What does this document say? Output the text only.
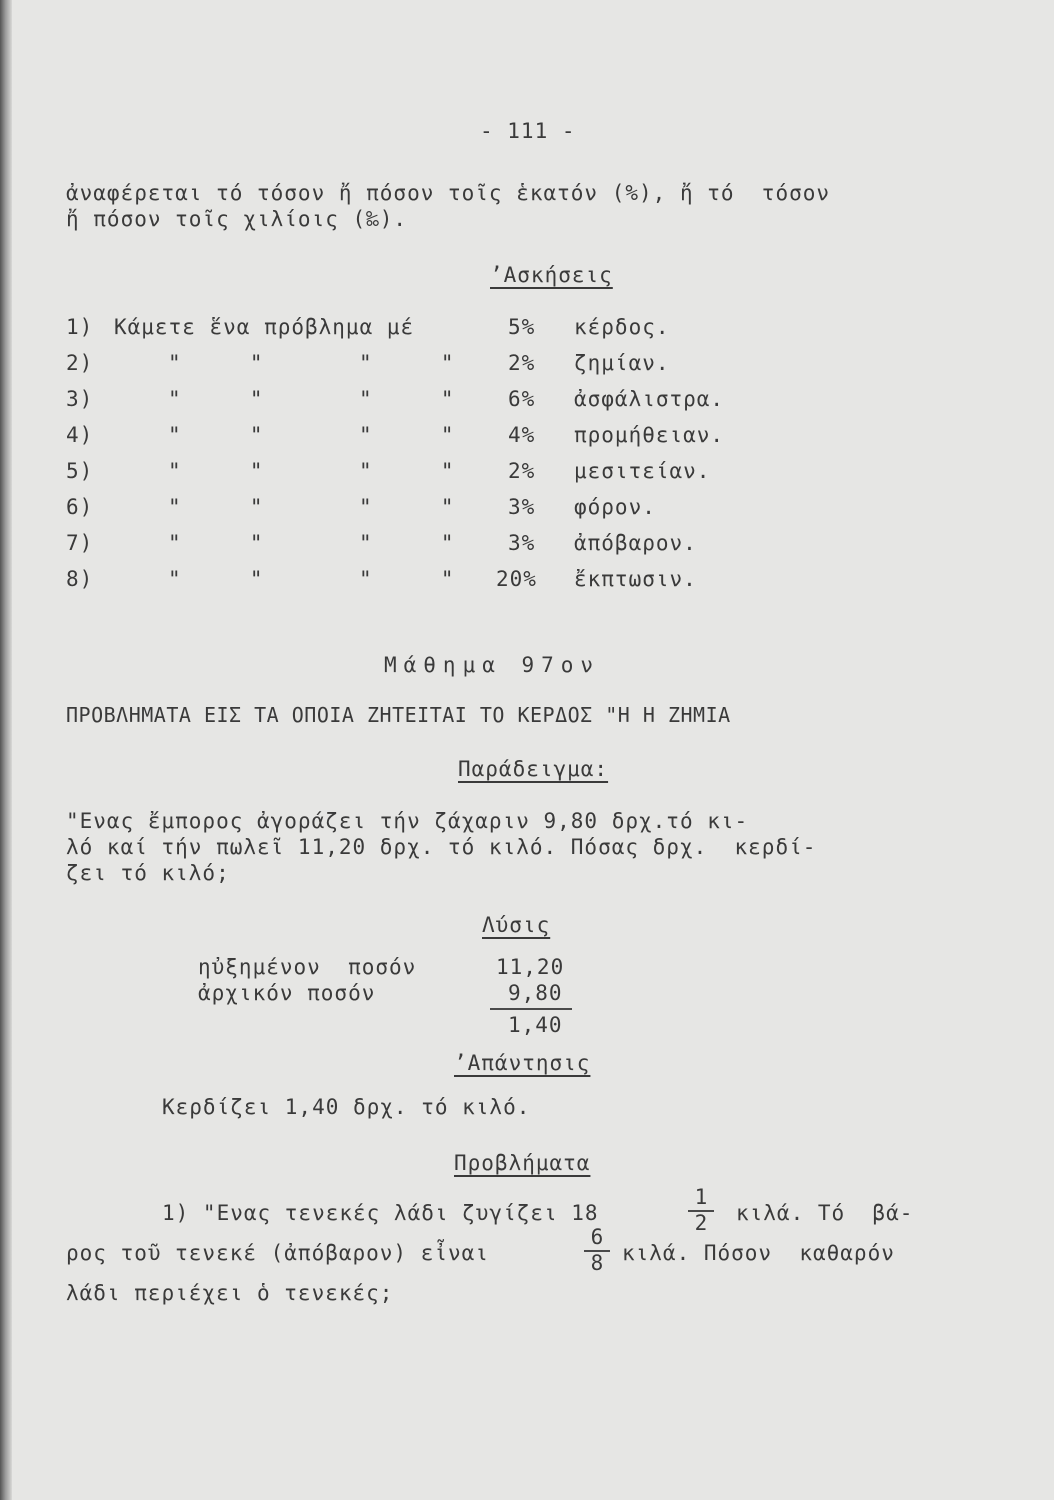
- 111 -
ἀναφέρεται τό τόσον ἤ πόσον τοῖς ἑκατόν (%), ἤ τό  τόσον
ἤ πόσον τοῖς χιλίοις (‰).
’Ασκήσεις
1) Κάμετε ἕνα πρόβλημα μέ	5% κέρδος.
2)	"     "       "     "	2% ζημίαν.
3)	"     "       "     "	6% ἀσφάλιστρα.
4)	"     "       "     "	4% προμήθειαν.
5)	"     "       "     "	2% μεσιτείαν.
6)	"     "       "     "	3% φόρον.
7)	"     "       "     "	3% ἀπόβαρον.
8)	"     "       "     " 20% ἔκπτωσιν.
Μάθημα 97ον
ΠΡΟΒΛΗΜΑΤΑ ΕΙΣ ΤΑ ΟΠΟΙΑ ΖΗΤΕΙΤΑΙ ΤΟ ΚΕΡΔΟΣ "Η Η ΖΗΜΙΑ
Παράδειγμα:
"Ενας ἔμπορος ἀγοράζει τήν ζάχαριν 9,80 δρχ.τό κι-
λό καί τήν πωλεῖ 11,20 δρχ. τό κιλό. Πόσας δρχ.  κερδί-
ζει τό κιλό;
Λύσις
ηὐξημένον  ποσόν	11,20
ἀρχικόν ποσόν	9,80
1,40
’Απάντησις
Κερδίζει 1,40 δρχ. τό κιλό.
Προβλήματα
1) "Ενας τενεκές λάδι ζυγίζει 18
1
2	κιλά. Τό  βά-
ρος τοῦ τενεκέ (ἀπόβαρον) εἶναι
6
8 κιλά. Πόσον  καθαρόν
λάδι περιέχει ὁ τενεκές;
